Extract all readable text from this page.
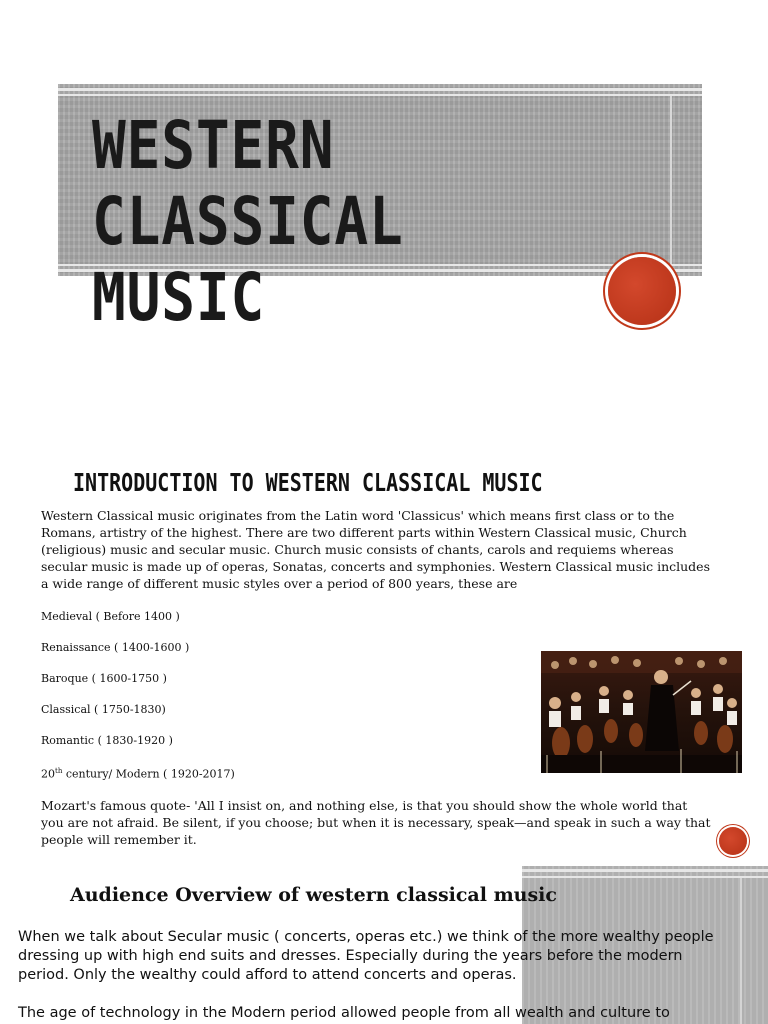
WESTERN CLASSICAL MUSIC
INTRODUCTION TO WESTERN CLASSICAL MUSIC
Western Classical music originates from the Latin word 'Classicus' which means first class or to the Romans, artistry of the highest. There are two different parts within Western Classical music, Church (religious) music and secular music. Church music consists of chants, carols and requiems whereas secular music is made up of operas, Sonatas, concerts and symphonies. Western Classical music includes a wide range of different music styles over a period of 800 years, these are
Medieval ( Before 1400 )
Renaissance ( 1400-1600 )
Baroque ( 1600-1750 )
Classical ( 1750-1830)
Romantic ( 1830-1920 )
20th century/ Modern ( 1920-2017)
Mozart's famous quote- 'All I insist on, and nothing else, is that you should show the whole world that you are not afraid. Be silent, if you choose; but when it is necessary, speak—and speak in such a way that people will remember it.
Audience Overview of western classical music
When we talk about Secular music ( concerts, operas etc.) we think of the more wealthy people dressing up with high end suits and dresses. Especially during the years before the modern period. Only the wealthy could afford to attend concerts and operas.
The age of technology in the Modern period allowed people from all wealth and culture to
